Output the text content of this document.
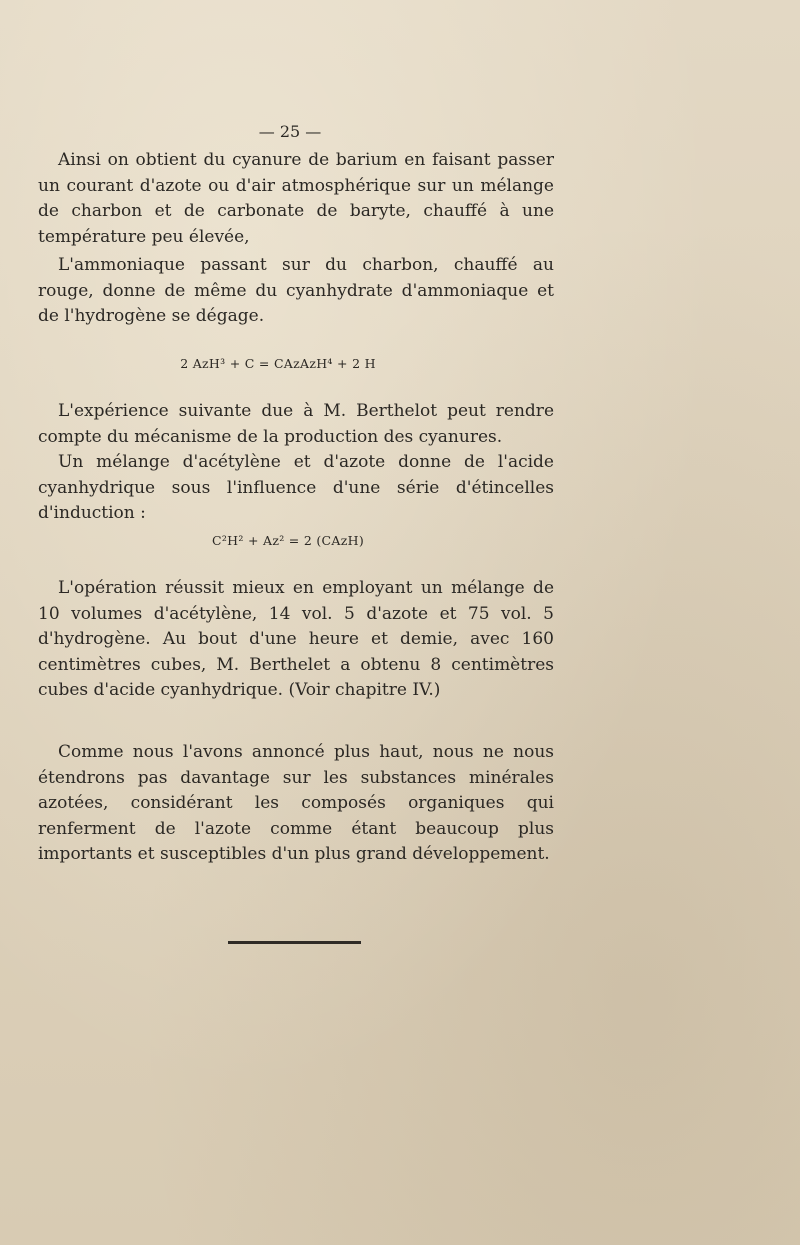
— 25 —

Ainsi on obtient du cyanure de barium en faisant passer un courant d'azote ou d'air atmosphérique sur un mélange de charbon et de carbonate de baryte, chauffé à une température peu élevée,

L'ammoniaque passant sur du charbon, chauffé au rouge, donne de même du cyanhydrate d'ammoniaque et de l'hydrogène se dégage.

2 AzH³ + C = CAzAzH⁴ + 2 H

L'expérience suivante due à M. Berthelot peut rendre compte du mécanisme de la production des cyanures.

Un mélange d'acétylène et d'azote donne de l'acide cyanhydrique sous l'influence d'une série d'étincelles d'induction :

C²H² + Az² = 2 (CAzH)

L'opération réussit mieux en employant un mélange de 10 volumes d'acétylène, 14 vol. 5 d'azote et 75 vol. 5 d'hydrogène. Au bout d'une heure et demie, avec 160 centimètres cubes, M. Berthelet a obtenu 8 centimètres cubes d'acide cyanhydrique. (Voir chapitre IV.)

Comme nous l'avons annoncé plus haut, nous ne nous étendrons pas davantage sur les substances minérales azotées, considérant les composés organiques qui renferment de l'azote comme étant beaucoup plus importants et susceptibles d'un plus grand développement.
